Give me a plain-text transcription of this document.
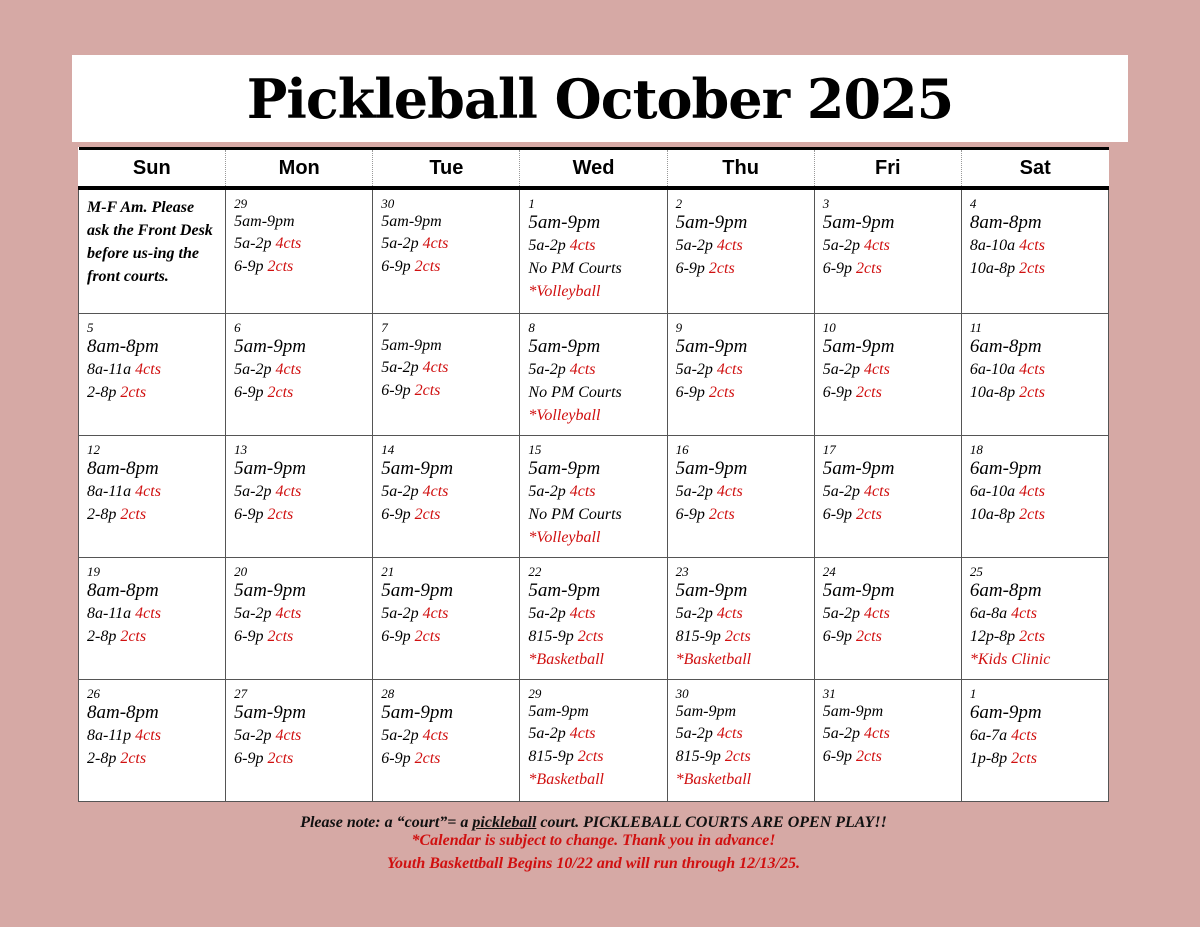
Pickleball October 2025
Sun	Mon	Tue	Wed	Thu	Fri	Sat
M-F Am. Please ask the Front Desk before us-ing the front courts.	29
5am-9pm
5a-2p 4cts
6-9p 2cts	30
5am-9pm
5a-2p 4cts
6-9p 2cts	1
5am-9pm
5a-2p 4cts
No PM Courts
*Volleyball	2
5am-9pm
5a-2p 4cts
6-9p 2cts	3
5am-9pm
5a-2p 4cts
6-9p 2cts	4
8am-8pm
8a-10a 4cts
10a-8p 2cts

5
8am-8pm
8a-11a 4cts
2-8p 2cts	6
5am-9pm
5a-2p 4cts
6-9p 2cts	7
5am-9pm
5a-2p 4cts
6-9p 2cts	8
5am-9pm
5a-2p 4cts
No PM Courts
*Volleyball	9
5am-9pm
5a-2p 4cts
6-9p 2cts	10
5am-9pm
5a-2p 4cts
6-9p 2cts	11
6am-8pm
6a-10a 4cts
10a-8p 2cts

12
8am-8pm
8a-11a 4cts
2-8p 2cts	13
5am-9pm
5a-2p 4cts
6-9p 2cts	14
5am-9pm
5a-2p 4cts
6-9p 2cts	15
5am-9pm
5a-2p 4cts
No PM Courts
*Volleyball	16
5am-9pm
5a-2p 4cts
6-9p 2cts	17
5am-9pm
5a-2p 4cts
6-9p 2cts	18
6am-9pm
6a-10a 4cts
10a-8p 2cts

19
8am-8pm
8a-11a 4cts
2-8p 2cts	20
5am-9pm
5a-2p 4cts
6-9p 2cts	21
5am-9pm
5a-2p 4cts
6-9p 2cts	22
5am-9pm
5a-2p 4cts
815-9p 2cts
*Basketball	23
5am-9pm
5a-2p 4cts
815-9p 2cts
*Basketball	24
5am-9pm
5a-2p 4cts
6-9p 2cts	25
6am-8pm
6a-8a 4cts
12p-8p 2cts
*Kids Clinic

26
8am-8pm
8a-11p 4cts
2-8p 2cts	27
5am-9pm
5a-2p 4cts
6-9p 2cts	28
5am-9pm
5a-2p 4cts
6-9p 2cts	29
5am-9pm
5a-2p 4cts
815-9p 2cts
*Basketball	30
5am-9pm
5a-2p 4cts
815-9p 2cts
*Basketball	31
5am-9pm
5a-2p 4cts
6-9p 2cts	1
6am-9pm
6a-7a 4cts
1p-8p 2cts
Please note: a “court”= a pickleball court. PICKLEBALL COURTS ARE OPEN PLAY!!
*Calendar is subject to change. Thank you in advance!
Youth Baskettball Begins 10/22 and will run through 12/13/25.
